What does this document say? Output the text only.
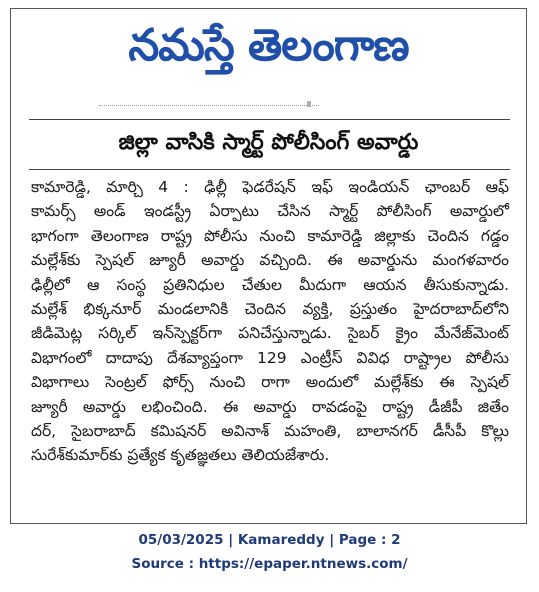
నమస్తే తెలంగాణ
జిల్లా వాసికి స్మార్ట్ పోలీసింగ్ అవార్డు
కామారెడ్డి, మార్చి 4 : ఢిల్లీ ఫెడరేషన్ ఇఫ్ ఇండియన్ ఛాంబర్ ఆఫ్
కామర్స్ అండ్ ఇండస్ట్రీ ఏర్పాటు చేసిన స్మార్ట్ పోలీసింగ్ అవార్డులో
భాగంగా తెలంగాణ రాష్ట్ర పోలీసు నుంచి కామారెడ్డి జిల్లాకు చెందిన గడ్డం
మల్లేశ్‌కు స్పెషల్ జ్యూరీ అవార్డు వచ్చింది. ఈ అవార్డును మంగళవారం
ఢిల్లీలో ఆ సంస్థ ప్రతినిధుల చేతుల మీదుగా ఆయన తీసుకున్నాడు.
మల్లేశ్ భిక్కనూర్ మండలానికి చెందిన వ్యక్తి, ప్రస్తుతం హైదరాబాద్‌లోని
జీడిమెట్ల సర్కిల్ ఇన్‌స్పెక్టర్‌గా పనిచేస్తున్నాడు. సైబర్ క్రైం మేనేజ్‌మెంట్
విభాగంలో దాదాపు దేశవ్యాప్తంగా 129 ఎంట్రీస్ వివిధ రాష్ట్రాల పోలీసు
విభాగాలు సెంట్రల్ ఫోర్స్ నుంచి రాగా అందులో మల్లేశ్‌కు ఈ స్పెషల్
జ్యూరీ అవార్డు లభించింది. ఈ అవార్డు రావడంపై రాష్ట్ర డీజీపీ జితేం
దర్, సైబరాబాద్ కమిషనర్ అవినాశ్ మహంతి, బాలానగర్ డీసీపీ కొల్లు
సురేశ్‌కుమార్‌కు ప్రత్యేక కృతజ్ఞతలు తెలియజేశారు.
05/03/2025 | Kamareddy | Page : 2
Source : https://epaper.ntnews.com/
